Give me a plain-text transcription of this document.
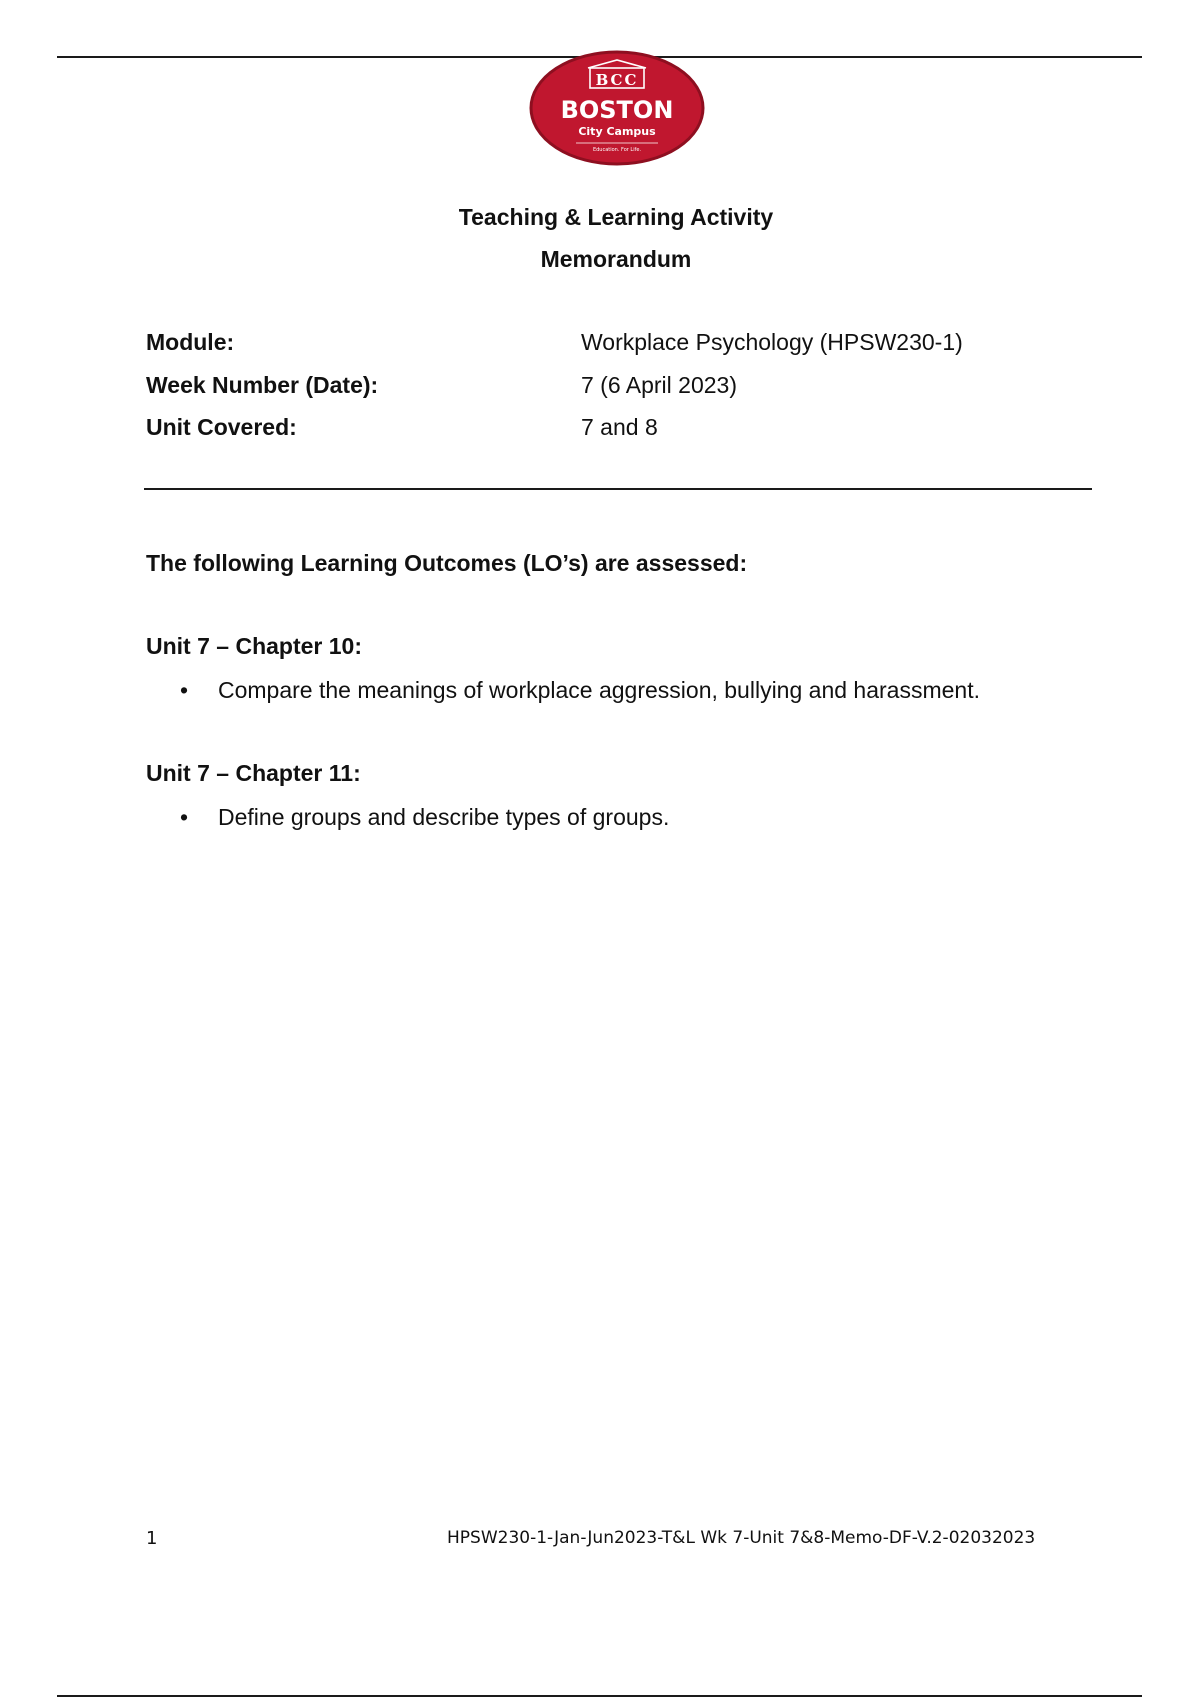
BCC
BOSTON
City Campus
Education. For Life.
Teaching & Learning Activity
Memorandum
Module:	Workplace Psychology (HPSW230-1)
Week Number (Date):	7 (6 April 2023)
Unit Covered:	7 and 8
The following Learning Outcomes (LO’s) are assessed:
Unit 7 – Chapter 10:
• Compare the meanings of workplace aggression, bullying and harassment.
Unit 7 – Chapter 11:
• Define groups and describe types of groups.
1	HPSW230-1-Jan-Jun2023-T&L Wk 7-Unit 7&8-Memo-DF-V.2-02032023
